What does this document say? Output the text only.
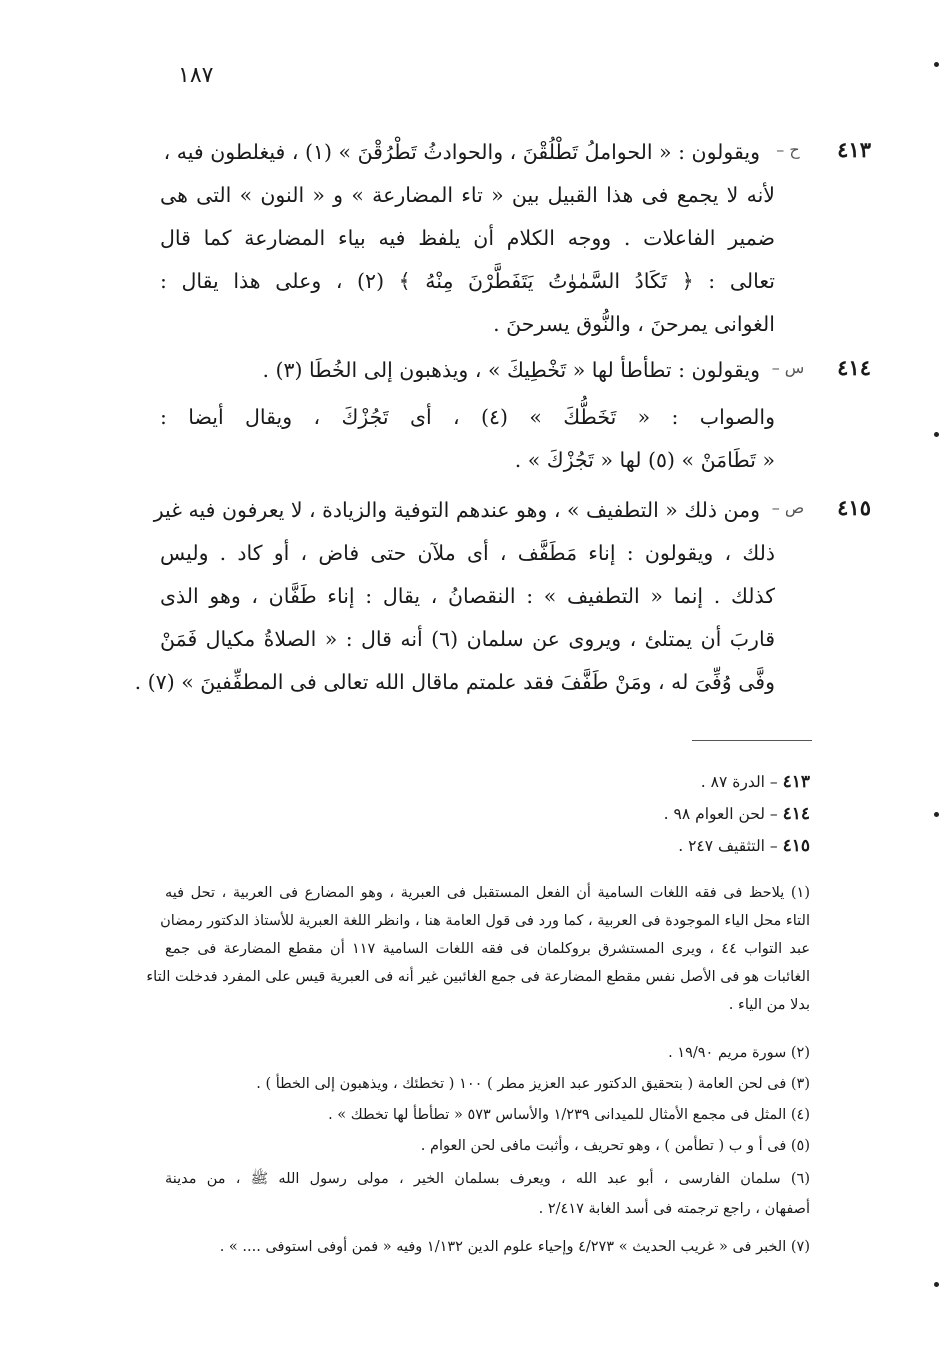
١٨٧
٤١٣
– ح
ويقولون : « الحواملُ تَطْلُقْنَ ، والحوادثُ تَطْرُقْنَ » (١) ، فيغلطون فيه ،
لأنه لا يجمع فى هذا القبيل بين « تاء المضارعة » و « النون » التى هى
ضمير الفاعلات . ووجه الكلام أن يلفظ فيه بياء المضارعة كما قال
تعالى : ﴿ تَكَادُ السَّمٰوٰتُ يَتَفَطَّرْنَ مِنْهُ ﴾ (٢) ، وعلى هذا يقال :
الغوانى يمرحنَ ، والنُّوق يسرحنَ .
٤١٤
– س
ويقولون : تطأطأ لها « تَخْطِيكَ » ، ويذهبون إلى الخُطَا (٣) .
والصواب : « تَخَطُّكَ » (٤) ، أى تَجُزْكَ ، ويقال أيضا :
« تَطَامَنْ » (٥) لها « تَجُزْكَ » .
٤١٥
– ص
ومن ذلك « التطفيف » ، وهو عندهم التوفية والزيادة ، لا يعرفون فيه غير
ذلك ، ويقولون : إناء مَطَفَّف ، أى ملآن حتى فاض ، أو كاد . وليس
كذلك . إنما « التطفيف » : النقصانُ ، يقال : إناء طَفَّان ، وهو الذى
قاربَ أن يمتلئ ، ويروى عن سلمان (٦) أنه قال : « الصلاةُ مكيال فَمَنْ
وفَّى وُفِّىَ له ، ومَنْ طَفَّفَ فقد علمتم ماقال الله تعالى فى المطفِّفينَ » (٧) .
٤١٣ – الدرة ٨٧ .
٤١٤ – لحن العوام ٩٨ .
٤١٥ – التثقيف ٢٤٧ .
(١) يلاحظ فى فقه اللغات السامية أن الفعل المستقبل فى العبرية ، وهو المضارع فى العربية ، تحل فيه
التاء محل الياء الموجودة فى العربية ، كما ورد فى قول العامة هنا ، وانظر اللغة العبرية للأستاذ الدكتور رمضان
عبد التواب ٤٤ ، ويرى المستشرق بروكلمان فى فقه اللغات السامية ١١٧ أن مقطع المضارعة فى جمع
الغائبات هو فى الأصل نفس مقطع المضارعة فى جمع الغائبين غير أنه فى العبرية قيس على المفرد فدخلت التاء
بدلا من الياء .
(٢) سورة مريم ١٩/٩٠ .
(٣) فى لحن العامة ( بتحقيق الدكتور عبد العزيز مطر ) ١٠٠ ( تخطئك ، ويذهبون إلى الخطأ ) .
(٤) المثل فى مجمع الأمثال للميدانى ١/٢٣٩ والأساس ٥٧٣ « تطأطأ لها تخطك » .
(٥) فى أ و ب ( تطأمن ) ، وهو تحريف ، وأثبت مافى لحن العوام .
(٦) سلمان الفارسى ، أبو عبد الله ، ويعرف بسلمان الخير ، مولى رسول الله ﷺ ، من مدينة
أصفهان ، راجع ترجمته فى أسد الغابة ٢/٤١٧ .
(٧) الخبر فى « غريب الحديث » ٤/٢٧٣ وإحياء علوم الدين ١/١٣٢ وفيه « فمن أوفى استوفى .... » .
